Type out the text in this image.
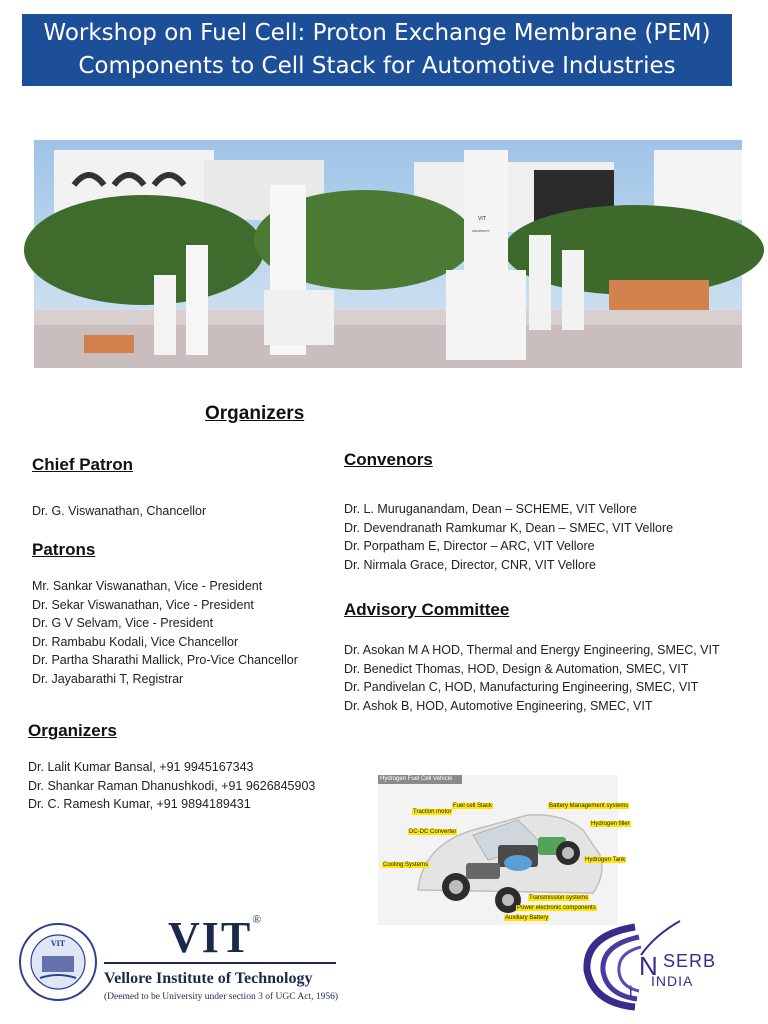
Workshop on Fuel Cell: Proton Exchange Membrane (PEM)
Components to Cell Stack for Automotive Industries
VIT
UNIVERSITY
Organizers
Chief Patron
Dr. G. Viswanathan, Chancellor
Patrons
Mr. Sankar Viswanathan, Vice - President
Dr. Sekar Viswanathan, Vice - President
Dr. G V Selvam, Vice - President
Dr. Rambabu Kodali, Vice Chancellor
Dr. Partha Sharathi Mallick, Pro-Vice Chancellor
Dr. Jayabarathi T, Registrar
Organizers
Dr. Lalit Kumar Bansal, +91 9945167343
Dr. Shankar Raman Dhanushkodi, +91 9626845903
Dr. C. Ramesh Kumar, +91 9894189431
Convenors
Dr. L. Muruganandam, Dean – SCHEME, VIT Vellore
Dr. Devendranath Ramkumar K, Dean – SMEC, VIT Vellore
Dr. Porpatham E, Director – ARC, VIT Vellore
Dr. Nirmala Grace, Director, CNR, VIT Vellore
Advisory Committee
Dr. Asokan M A HOD, Thermal and Energy Engineering, SMEC, VIT
Dr. Benedict Thomas, HOD, Design & Automation, SMEC, VIT
Dr. Pandivelan C, HOD, Manufacturing Engineering, SMEC, VIT
Dr. Ashok B, HOD, Automotive Engineering, SMEC, VIT
Hydrogen Fuel Cell Vehicle
Traction motor
Fuel cell Stack	Battery Management systems
Hydrogen filler
DC-DC Converter
Cooling Systems
Hydrogen Tank
Transmission systems
Power electronic components
Auxiliary Battery
VIT VIT®
Vellore Institute of Technology
(Deemed to be University under section 3 of UGC Act, 1956)
N
i
SERB
INDIA
